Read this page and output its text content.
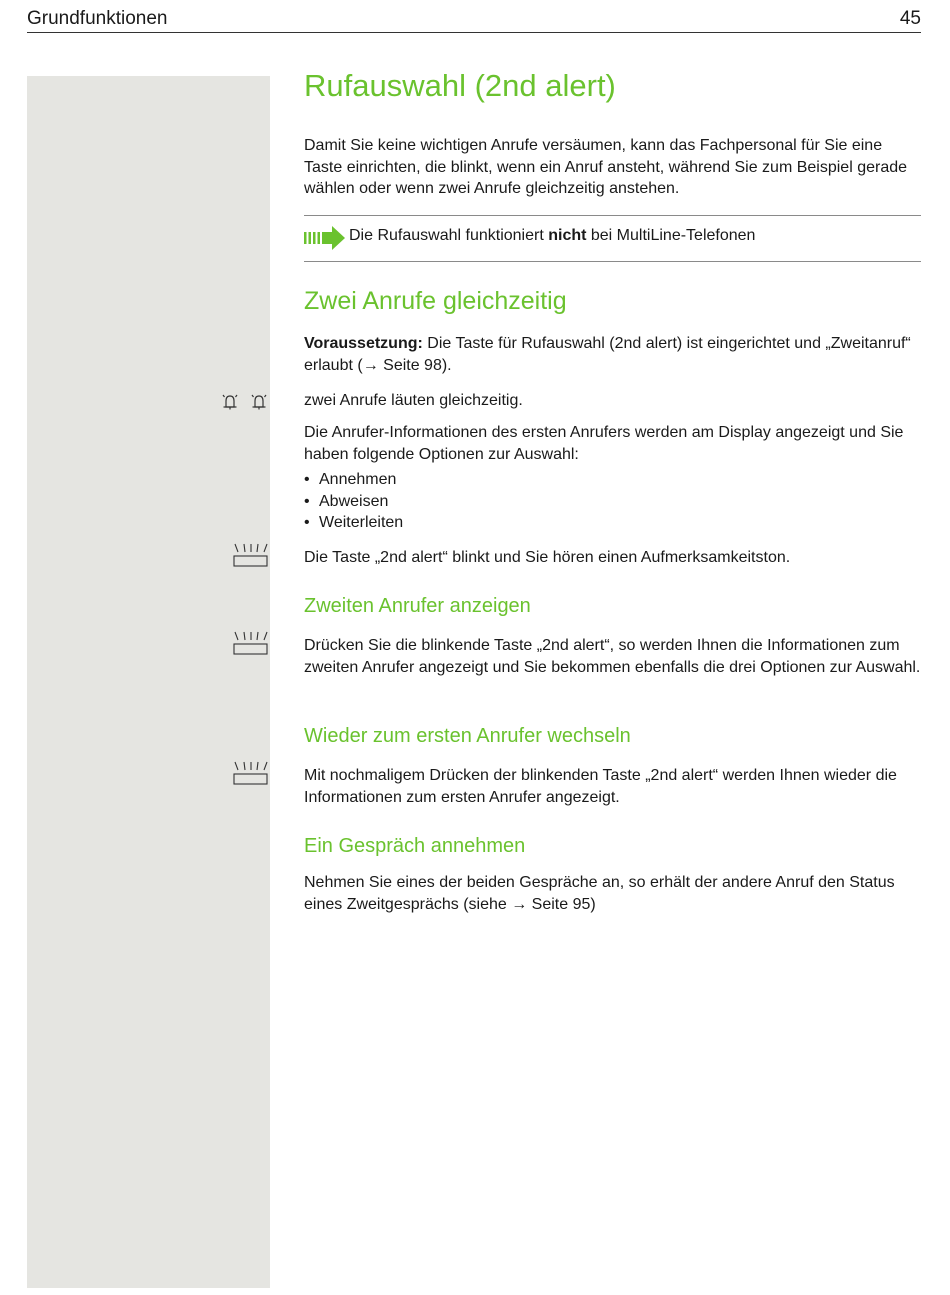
Grundfunktionen	45
Rufauswahl (2nd alert)

Damit Sie keine wichtigen Anrufe versäumen, kann das Fachpersonal für Sie eine Taste einrichten, die blinkt, wenn ein Anruf ansteht, während Sie zum Beispiel gerade wählen oder wenn zwei Anrufe gleichzeitig anstehen.

Die Rufauswahl funktioniert nicht bei MultiLine-Telefonen
Zwei Anrufe gleichzeitig

Voraussetzung: Die Taste für Rufauswahl (2nd alert) ist eingerichtet und „Zweitanruf“ erlaubt (→ Seite 98).

zwei Anrufe läuten gleichzeitig.

Die Anrufer-Informationen des ersten Anrufers werden am Display angezeigt und Sie haben folgende Optionen zur Auswahl:

• Annehmen
• Abweisen
• Weiterleiten

Die Taste „2nd alert“ blinkt und Sie hören einen Aufmerksamkeitston.

Zweiten Anrufer anzeigen

Drücken Sie die blinkende Taste „2nd alert“, so werden Ihnen die Informationen zum zweiten Anrufer angezeigt und Sie bekommen ebenfalls die drei Optionen zur Auswahl.

Wieder zum ersten Anrufer wechseln

Mit nochmaligem Drücken der blinkenden Taste „2nd alert“ werden Ihnen wieder die Informationen zum ersten Anrufer angezeigt.

Ein Gespräch annehmen

Nehmen Sie eines der beiden Gespräche an, so erhält der andere Anruf den Status eines Zweitgesprächs (siehe → Seite 95)
